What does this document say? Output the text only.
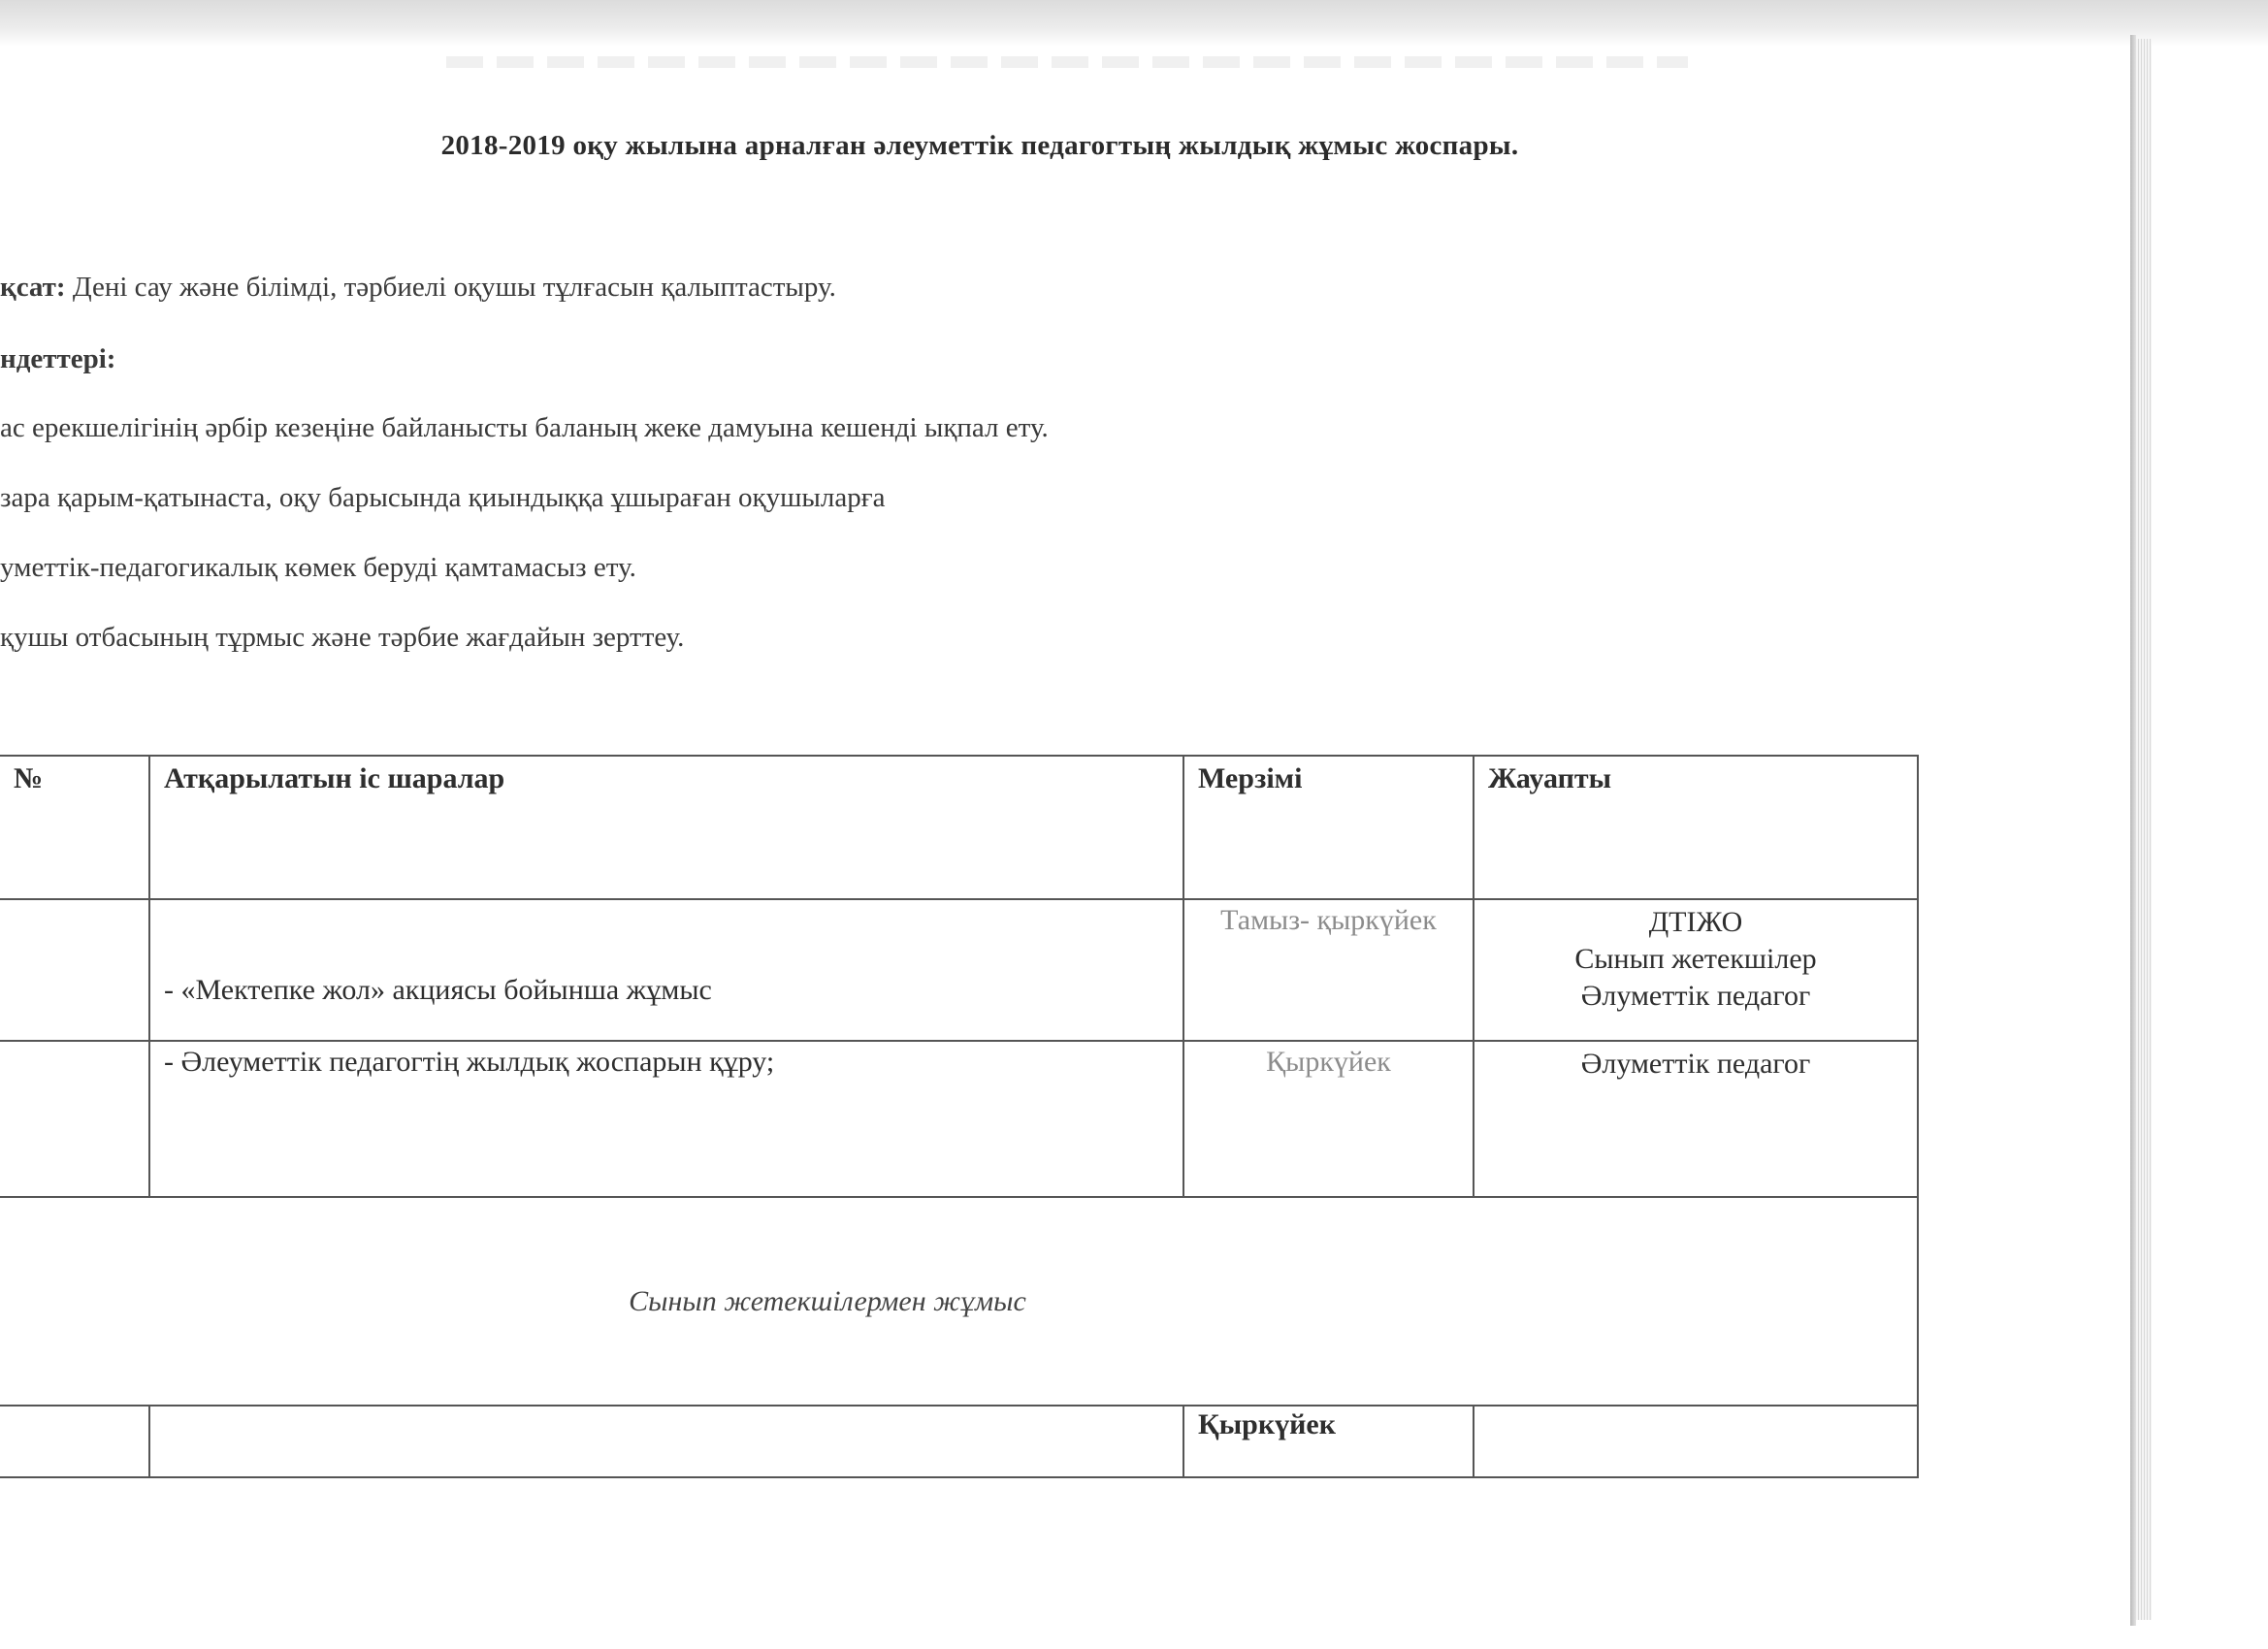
2018-2019 оқу жылына арналған әлеуметтік педагогтың жылдық жұмыс жоспары.
қсат: Дені сау және білімді, тәрбиелі оқушы тұлғасын қалыптастыру.
ндеттері:
ас ерекшелігінің әрбір кезеңіне байланысты баланың жеке дамуына кешенді ықпал ету.
зара қарым-қатынаста, оқу барысында қиындыққа ұшыраған оқушыларға
уметтік-педагогикалық көмек беруді қамтамасыз ету.
қушы отбасының тұрмыс және тәрбие жағдайын зерттеу.
№	Атқарылатын іс шаралар	Мерзімі	Жауапты

	- «Мектепке жол» акциясы бойынша жұмыс	Тамыз- қыркүйек	ДТІЖО
Сынып жетекшілер
Әлуметтік педагог

	- Әлеуметтік педагогтің жылдық жоспарын құру;	Қыркүйек	Әлуметтік педагог

Сынып жетекшілермен жұмыс			

		Қыркүйек	
